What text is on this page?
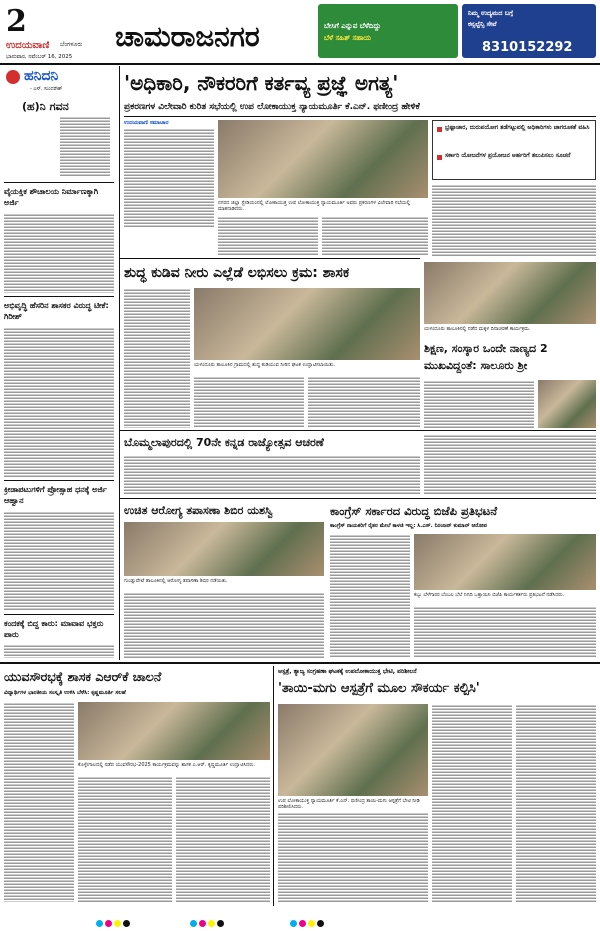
2
ಉದಯವಾಣಿ ಬೆಂಗಳೂರು
ಭಾನುವಾರ, ನವೆಂಬರ್ 16, 2025
ಚಾಮರಾಜನಗರ	ಬೇಸಿಗೆ ಎನ್ನುವ ಬೆಳೆದಿದ್ದು
ಬೆಳೆ ಸಹಿತ್ ಸಹಾಯ
ನಿಮ್ಮ ಉದ್ಯಮದ ಬಗ್ಗೆ
ಕನ್ಸಲ್ಟೆನ್ಸಿ ಸೇವೆ
8310152292
ಹನಿದನಿ
- ಎಸ್. ಸುಂದರೇಶ್
(ಹ)ನಿ ಗವನ
ವೈಯಕ್ತಿಕ ಶೌಚಾಲಯ ನಿರ್ಮಾಣಕ್ಕಾಗಿ ಅರ್ಜಿ
ಅಭಿವೃದ್ಧಿ ಹೆಸರಿನ ಶಾಸಕರ ವಿರುದ್ಧ ಟೀಕೆ: ಗಿರೀಶ್
ಕ್ರೀಡಾಪಟುಗಳಿಗೆ ಪ್ರೋತ್ಸಾಹ ಧನಕ್ಕೆ ಅರ್ಜಿ ಆಹ್ವಾನ
ಕಂದಕಕ್ಕೆ ಬಿದ್ದ ಕಾರು: ಮಾವಾವ ಭಕ್ತರು ಪಾರು
'ಅಧಿಕಾರಿ, ನೌಕರರಿಗೆ ಕರ್ತವ್ಯ ಪ್ರಜ್ಞೆ ಅಗತ್ಯ'
ಪ್ರಕರಣಗಳ ವಿಲೇವಾರಿ ಕುರಿತ ಸಭೆಯಲ್ಲಿ ಉಪ ಲೋಕಾಯುಕ್ತ ನ್ಯಾಯಮೂರ್ತಿ ಕೆ.ಎನ್. ಫಣೀಂದ್ರ ಹೇಳಿಕೆ
ಉದಯವಾಣಿ ಸಮಾಚಾರ
ನಗರದ ಜಿಲ್ಲಾ ಸ್ಟೇಡಿಯಂನಲ್ಲಿ ಲೋಕಾಯುಕ್ತ ಉಪ ಲೋಕಾಯುಕ್ತ ನ್ಯಾಯಮೂರ್ತಿ ಅವರು ಪ್ರಕರಣಗಳ ವಿಲೇವಾರಿ ಸಭೆಯಲ್ಲಿ ಮಾತನಾಡಿದರು.
ಭ್ರಷ್ಟಾಚಾರ, ದುರುಪಯೋಗ ತಡೆಗಟ್ಟುವಲ್ಲಿ ಅಧಿಕಾರಿಗಳು ಜಾಗರೂಕತೆ ವಹಿಸಿ
ಸರ್ಕಾರಿ ಯೋಜನೆಗಳ ಪ್ರಯೋಜನ ಅರ್ಹರಿಗೆ ತಲುಪಿಸಲು ಸೂಚನೆ
ಶುದ್ಧ ಕುಡಿವ ನೀರು ಎಲ್ಲೆಡೆ ಲಭಿಸಲು ಕ್ರಮ: ಶಾಸಕ
ಯಳಂದೂರು ತಾಲೂಕಿನ ಗ್ರಾಮದಲ್ಲಿ ಶುದ್ಧ ಕುಡಿಯುವ ನೀರಿನ ಘಟಕ ಉದ್ಘಾಟಿಸಲಾಯಿತು.
ಯಳಂದೂರು ತಾಲೂಕಿನಲ್ಲಿ ನಡೆದ ಮಕ್ಕಳ ದಿನಾಚರಣೆ ಕಾರ್ಯಕ್ರಮ.
ಶಿಕ್ಷಣ, ಸಂಸ್ಕಾರ ಒಂದೇ ನಾಣ್ಯದ 2 ಮುಖವಿದ್ದಂತೆ: ಸಾಲೂರು ಶ್ರೀ
ಬೊಮ್ಮಲಾಪುರದಲ್ಲಿ 70ನೇ ಕನ್ನಡ ರಾಜ್ಯೋತ್ಸವ ಆಚರಣೆ
ಉಚಿತ ಆರೋಗ್ಯ ತಪಾಸಣಾ ಶಿಬಿರ ಯಶಸ್ವಿ
ಗುಂಡ್ಲುಪೇಟೆ ತಾಲೂಕಿನಲ್ಲಿ ಆರೋಗ್ಯ ತಪಾಸಣಾ ಶಿಬಿರ ನಡೆಯಿತು.
ಕಾಂಗ್ರೆಸ್ ಸರ್ಕಾರದ ವಿರುದ್ಧ ಬಿಜೆಪಿ ಪ್ರತಿಭಟನೆ
ಕಾಂಗ್ರೆಸ್ ನಾಯಕರಿಗೆ ರೈತರ ಮೇಲೆ ಕಾಳಜಿ ಇಲ್ಲ: ಸಿ.ಎಸ್. ನಿರಂಜನ್ ಕುಮಾರ್ ಆರೋಪ
ಕಬ್ಬು ಬೆಳೆಗಾರರ ಬೆಂಬಲ ಬೆಲೆ ನಿಗದಿ ಒತ್ತಾಯಿಸಿ ಬಿಜೆಪಿ ಕಾರ್ಯಕರ್ತರು ಪ್ರತಿಭಟನೆ ನಡೆಸಿದರು.
ಯುವಸೌರಭಕ್ಕೆ ಶಾಸಕ ಎಆರ್‌ಕೆ ಚಾಲನೆ
ವಿದ್ಯಾರ್ಥಿಗಳ ಭಾರತೀಯ ಸಂಸ್ಕೃತಿ ಉಳಿಸಿ ಬೆಳೆಸಿ: ಕೃಷ್ಣಮೂರ್ತಿ ಸಲಹೆ
ಕೊಳ್ಳೇಗಾಲದಲ್ಲಿ ನಡೆದ ಯುವಸೌರಭ-2025 ಕಾರ್ಯಕ್ರಮವನ್ನು ಶಾಸಕ ಎ.ಆರ್. ಕೃಷ್ಣಮೂರ್ತಿ ಉದ್ಘಾಟಿಸಿದರು.
ಆಸ್ಪತ್ರೆ, ತ್ಯಾಜ್ಯ ಸಂಗ್ರಹಣಾ ಘಟಕಕ್ಕೆ ಉಪಲೋಕಾಯುಕ್ತ ಭೇಟಿ, ಪರಿಶೀಲನೆ
'ತಾಯಿ-ಮಗು ಆಸ್ಪತ್ರೆಗೆ ಮೂಲ ಸೌಕರ್ಯ ಕಲ್ಪಿಸಿ'
ಉಪ ಲೋಕಾಯುಕ್ತ ನ್ಯಾಯಮೂರ್ತಿ ಕೆ.ಎನ್. ಫಣೀಂದ್ರ ತಾಯಿ-ಮಗು ಆಸ್ಪತ್ರೆಗೆ ಭೇಟಿ ನೀಡಿ ಪರಿಶೀಲಿಸಿದರು.
